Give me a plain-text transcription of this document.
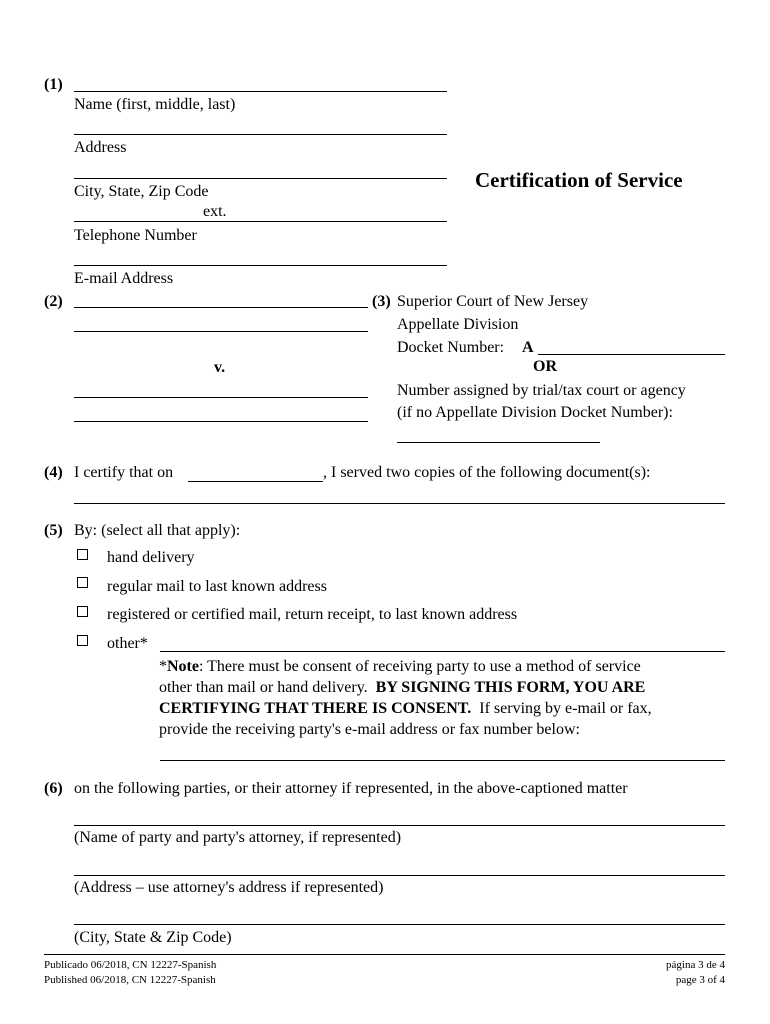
(1)
Name (first, middle, last)
Address
City, State, Zip Code
ext.
Telephone Number
E-mail Address
Certification of Service
(2)
v.
(3) Superior Court of New Jersey
Appellate Division
Docket Number: A
OR
Number assigned by trial/tax court or agency
(if no Appellate Division Docket Number):
(4) I certify that on	, I served two copies of the following document(s):
(5) By: (select all that apply):
hand delivery
regular mail to last known address
registered or certified mail, return receipt, to last known address
other*
*Note: There must be consent of receiving party to use a method of service
other than mail or hand delivery. BY SIGNING THIS FORM, YOU ARE
CERTIFYING THAT THERE IS CONSENT. If serving by e-mail or fax,
provide the receiving party's e-mail address or fax number below:
(6) on the following parties, or their attorney if represented, in the above-captioned matter
(Name of party and party's attorney, if represented)
(Address – use attorney's address if represented)
(City, State & Zip Code)
Publicado 06/2018, CN 12227-Spanish
Published 06/2018, CN 12227-Spanish
página 3 de 4
page 3 of 4
